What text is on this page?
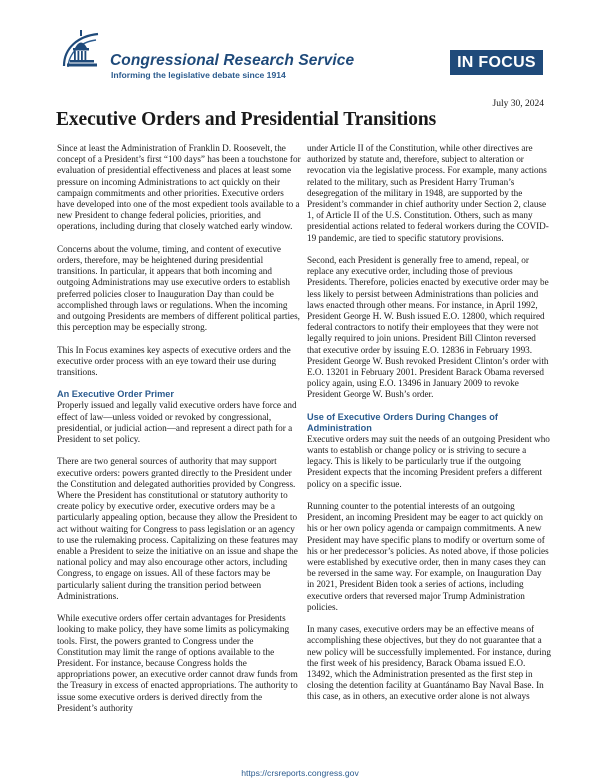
Congressional Research Service
Informing the legislative debate since 1914
IN FOCUS
July 30, 2024
Executive Orders and Presidential Transitions

Since at least the Administration of Franklin D. Roosevelt, the concept of a President’s first “100 days” has been a touchstone for evaluation of presidential effectiveness and places at least some pressure on incoming Administrations to act quickly on their campaign commitments and other priorities. Executive orders have developed into one of the most expedient tools available to a new President to change federal policies, priorities, and operations, including during that closely watched early window.

Concerns about the volume, timing, and content of executive orders, therefore, may be heightened during presidential transitions. In particular, it appears that both incoming and outgoing Administrations may use executive orders to establish preferred policies closer to Inauguration Day than could be accomplished through laws or regulations. When the incoming and outgoing Presidents are members of different political parties, this perception may be especially strong.

This In Focus examines key aspects of executive orders and the executive order process with an eye toward their use during transitions.

An Executive Order Primer

Properly issued and legally valid executive orders have force and effect of law—unless voided or revoked by congressional, presidential, or judicial action—and represent a direct path for a President to set policy.

There are two general sources of authority that may support executive orders: powers granted directly to the President under the Constitution and delegated authorities provided by Congress. Where the President has constitutional or statutory authority to create policy by executive order, executive orders may be a particularly appealing option, because they allow the President to act without waiting for Congress to pass legislation or an agency to use the rulemaking process. Capitalizing on these features may enable a President to seize the initiative on an issue and shape the national policy and may also encourage other actors, including Congress, to engage on issues. All of these factors may be particularly salient during the transition period between Administrations.

While executive orders offer certain advantages for Presidents looking to make policy, they have some limits as policymaking tools. First, the powers granted to Congress under the Constitution may limit the range of options available to the President. For instance, because Congress holds the appropriations power, an executive order cannot draw funds from the Treasury in excess of enacted appropriations. The authority to issue some executive orders is derived directly from the President’s authority

under Article II of the Constitution, while other directives are authorized by statute and, therefore, subject to alteration or revocation via the legislative process. For example, many actions related to the military, such as President Harry Truman’s desegregation of the military in 1948, are supported by the President’s commander in chief authority under Section 2, clause 1, of Article II of the U.S. Constitution. Others, such as many presidential actions related to federal workers during the COVID-19 pandemic, are tied to specific statutory provisions.

Second, each President is generally free to amend, repeal, or replace any executive order, including those of previous Presidents. Therefore, policies enacted by executive order may be less likely to persist between Administrations than policies and laws enacted through other means. For instance, in April 1992, President George H. W. Bush issued E.O. 12800, which required federal contractors to notify their employees that they were not legally required to join unions. President Bill Clinton reversed that executive order by issuing E.O. 12836 in February 1993. President George W. Bush revoked President Clinton’s order with E.O. 13201 in February 2001. President Barack Obama reversed policy again, using E.O. 13496 in January 2009 to revoke President George W. Bush’s order.

Use of Executive Orders During Changes of Administration

Executive orders may suit the needs of an outgoing President who wants to establish or change policy or is striving to secure a legacy. This is likely to be particularly true if the outgoing President expects that the incoming President prefers a different policy on a specific issue.

Running counter to the potential interests of an outgoing President, an incoming President may be eager to act quickly on his or her own policy agenda or campaign commitments. A new President may have specific plans to modify or overturn some of his or her predecessor’s policies. As noted above, if those policies were established by executive order, then in many cases they can be reversed in the same way. For example, on Inauguration Day in 2021, President Biden took a series of actions, including executive orders that reversed major Trump Administration policies.

In many cases, executive orders may be an effective means of accomplishing these objectives, but they do not guarantee that a new policy will be successfully implemented. For instance, during the first week of his presidency, Barack Obama issued E.O. 13492, which the Administration presented as the first step in closing the detention facility at Guantánamo Bay Naval Base. In this case, as in others, an executive order alone is not always

https://crsreports.congress.gov
